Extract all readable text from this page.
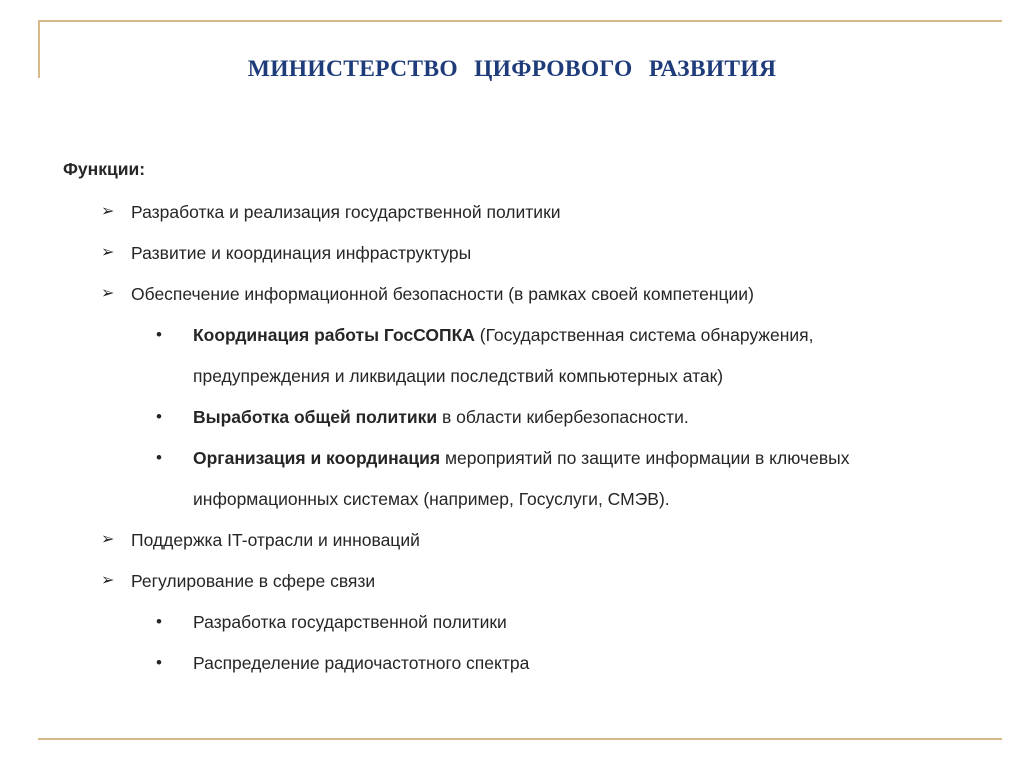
МИНИСТЕРСТВО ЦИФРОВОГО РАЗВИТИЯ
Функции:
➢ Разработка и реализация государственной политики
➢ Развитие и координация инфраструктуры
➢ Обеспечение информационной безопасности (в рамках своей компетенции)
• Координация работы ГосСОПКА (Государственная система обнаружения,
предупреждения и ликвидации последствий компьютерных атак)
• Выработка общей политики в области кибербезопасности.
• Организация и координация мероприятий по защите информации в ключевых
информационных системах (например, Госуслуги, СМЭВ).
➢ Поддержка IT-отрасли и инноваций
➢ Регулирование в сфере связи
• Разработка государственной политики
• Распределение радиочастотного спектра
